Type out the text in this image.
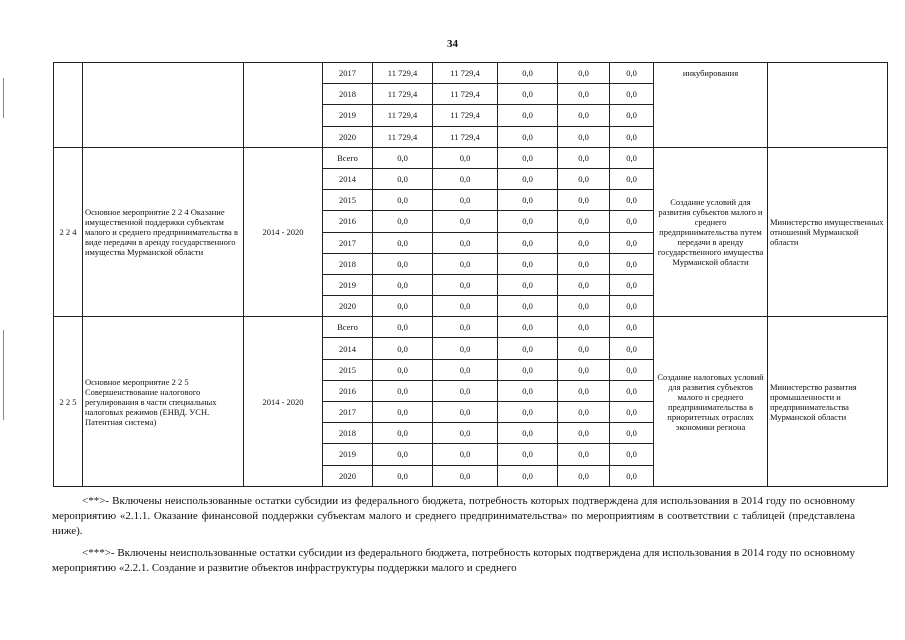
34
			2017	11 729,4	11 729,4	0,0	0,0	0,0	инкубирования	
			2018	11 729,4	11 729,4	0,0	0,0	0,0		
			2019	11 729,4	11 729,4	0,0	0,0	0,0		
			2020	11 729,4	11 729,4	0,0	0,0	0,0		
2 2 4	Основное мероприятие 2 2 4 Оказание имущественной поддержки субъектам малого и среднего предпринимательства в виде передачи в аренду государственного имущества Мурманской области	2014 - 2020	Всего	0,0	0,0	0,0	0,0	0,0	Создание условий для развития субъектов малого и среднего предпринимательства путем передачи в аренду государственного имущества Мурманской области	Министерство имущественных отношений Мурманской области
			2014	0,0	0,0	0,0	0,0	0,0		
			2015	0,0	0,0	0,0	0,0	0,0		
			2016	0,0	0,0	0,0	0,0	0,0		
			2017	0,0	0,0	0,0	0,0	0,0		
			2018	0,0	0,0	0,0	0,0	0,0		
			2019	0,0	0,0	0,0	0,0	0,0		
			2020	0,0	0,0	0,0	0,0	0,0		
2 2 5	Основное мероприятие 2 2 5 Совершенствование налогового регулирования в части специальных налоговых режимов (ЕНВД. УСН. Патентная система)	2014 - 2020	Всего	0,0	0,0	0,0	0,0	0,0	Создание налоговых условий для развития субъектов малого и среднего предпринимательства в приоритетных отраслях экономики региона	Министерство развития промышленности и предпринимательства Мурманской области
			2014	0,0	0,0	0,0	0,0	0,0		
			2015	0,0	0,0	0,0	0,0	0,0		
			2016	0,0	0,0	0,0	0,0	0,0		
			2017	0,0	0,0	0,0	0,0	0,0		
			2018	0,0	0,0	0,0	0,0	0,0		
			2019	0,0	0,0	0,0	0,0	0,0		
			2020	0,0	0,0	0,0	0,0	0,0		
<**>- Включены неиспользованные остатки субсидии из федерального бюджета, потребность которых подтверждена для использования в 2014 году по основному мероприятию «2.1.1. Оказание финансовой поддержки субъектам малого и среднего предпринимательства» по мероприятиям в соответствии с таблицей (представлена ниже).
<***>- Включены неиспользованные остатки субсидии из федерального бюджета, потребность которых подтверждена для использования в 2014 году по основному мероприятию «2.2.1. Создание и развитие объектов инфраструктуры поддержки малого и среднего
